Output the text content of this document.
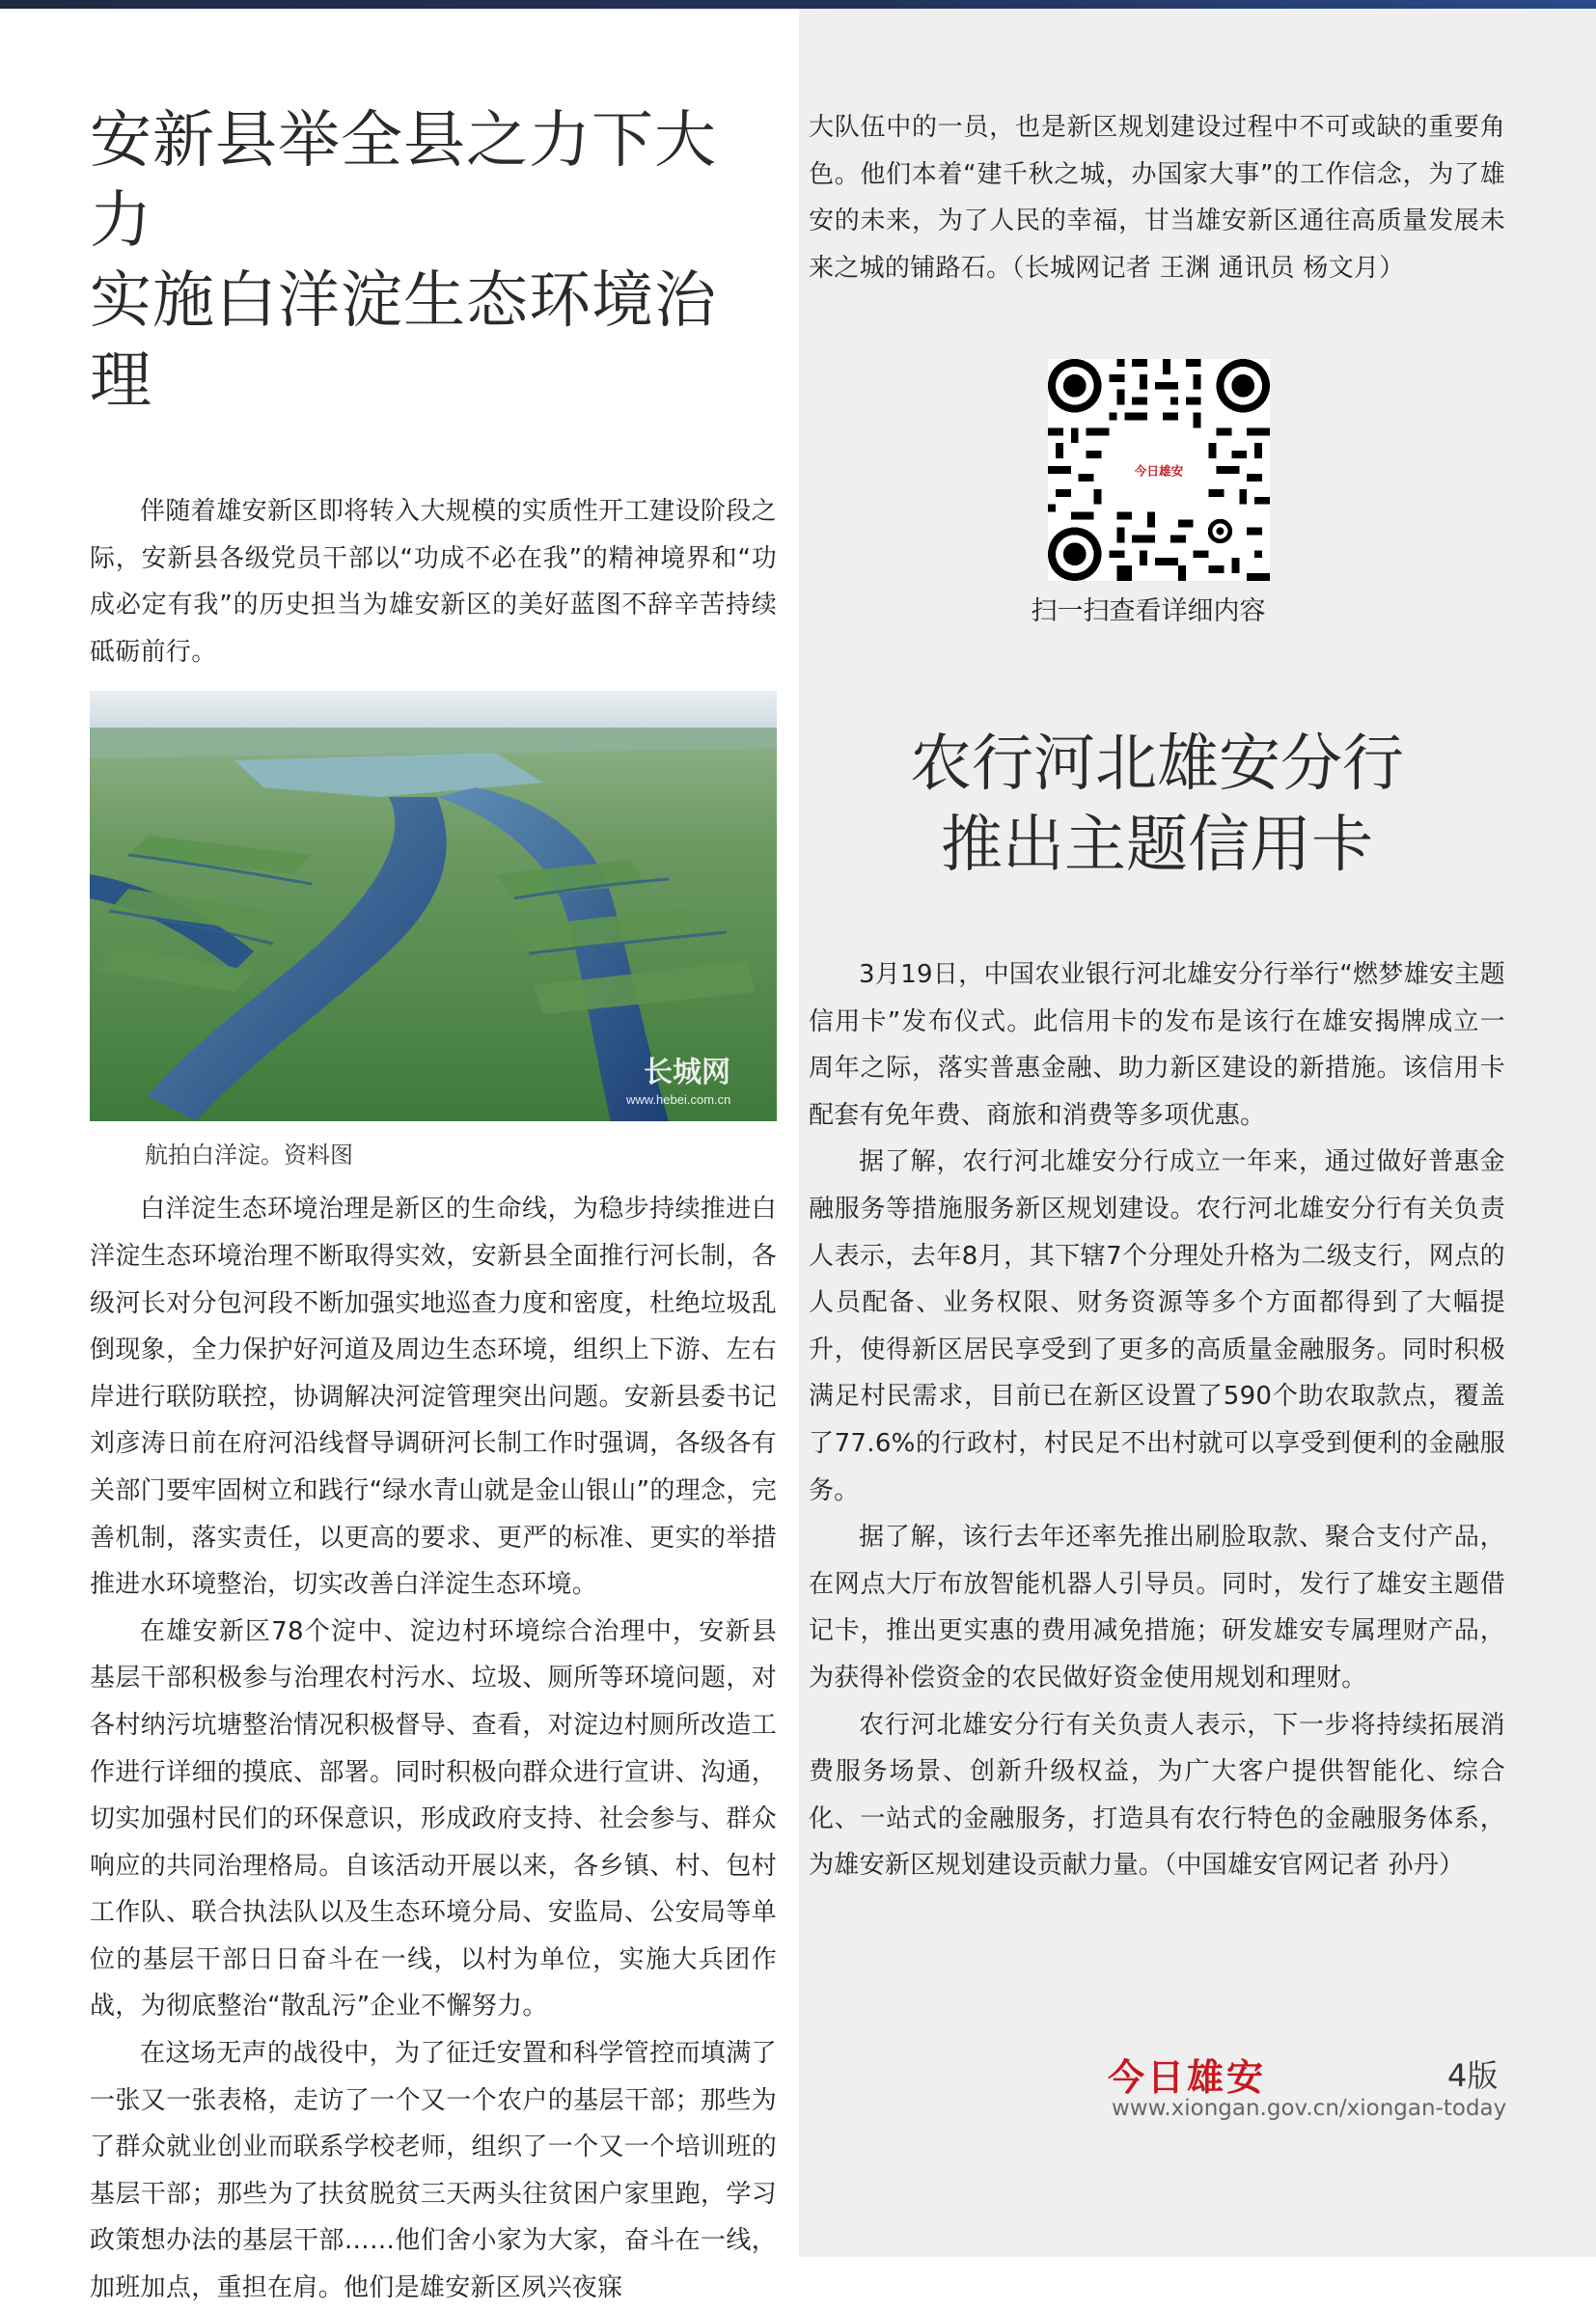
安新县举全县之力下大力
实施白洋淀生态环境治理

伴随着雄安新区即将转入大规模的实质性开工建设阶段之际，安新县各级党员干部以“功成不必在我”的精神境界和“功成必定有我”的历史担当为雄安新区的美好蓝图不辞辛苦持续砥砺前行。

长城网
www.hebei.com.cn
航拍白洋淀。资料图

白洋淀生态环境治理是新区的生命线，为稳步持续推进白洋淀生态环境治理不断取得实效，安新县全面推行河长制，各级河长对分包河段不断加强实地巡查力度和密度，杜绝垃圾乱倒现象，全力保护好河道及周边生态环境，组织上下游、左右岸进行联防联控，协调解决河淀管理突出问题。安新县委书记刘彦涛日前在府河沿线督导调研河长制工作时强调，各级各有关部门要牢固树立和践行“绿水青山就是金山银山”的理念，完善机制，落实责任，以更高的要求、更严的标准、更实的举措推进水环境整治，切实改善白洋淀生态环境。

在雄安新区78个淀中、淀边村环境综合治理中，安新县基层干部积极参与治理农村污水、垃圾、厕所等环境问题，对各村纳污坑塘整治情况积极督导、查看，对淀边村厕所改造工作进行详细的摸底、部署。同时积极向群众进行宣讲、沟通，切实加强村民们的环保意识，形成政府支持、社会参与、群众响应的共同治理格局。自该活动开展以来，各乡镇、村、包村工作队、联合执法队以及生态环境分局、安监局、公安局等单位的基层干部日日奋斗在一线，以村为单位，实施大兵团作战，为彻底整治“散乱污”企业不懈努力。

在这场无声的战役中，为了征迁安置和科学管控而填满了一张又一张表格，走访了一个又一个农户的基层干部；那些为了群众就业创业而联系学校老师，组织了一个又一个培训班的基层干部；那些为了扶贫脱贫三天两头往贫困户家里跑，学习政策想办法的基层干部……他们舍小家为大家，奋斗在一线，加班加点，重担在肩。他们是雄安新区夙兴夜寐

大队伍中的一员，也是新区规划建设过程中不可或缺的重要角色。他们本着“建千秋之城，办国家大事”的工作信念，为了雄安的未来，为了人民的幸福，甘当雄安新区通往高质量发展未来之城的铺路石。（长城网记者 王渊 通讯员 杨文月）

今日雄安
扫一扫查看详细内容
农行河北雄安分行
推出主题信用卡

3月19日，中国农业银行河北雄安分行举行“燃梦雄安主题信用卡”发布仪式。此信用卡的发布是该行在雄安揭牌成立一周年之际，落实普惠金融、助力新区建设的新措施。该信用卡配套有免年费、商旅和消费等多项优惠。

据了解，农行河北雄安分行成立一年来，通过做好普惠金融服务等措施服务新区规划建设。农行河北雄安分行有关负责人表示，去年8月，其下辖7个分理处升格为二级支行，网点的人员配备、业务权限、财务资源等多个方面都得到了大幅提升，使得新区居民享受到了更多的高质量金融服务。同时积极满足村民需求，目前已在新区设置了590个助农取款点，覆盖了77.6%的行政村，村民足不出村就可以享受到便利的金融服务。

据了解，该行去年还率先推出刷脸取款、聚合支付产品，在网点大厅布放智能机器人引导员。同时，发行了雄安主题借记卡，推出更实惠的费用减免措施；研发雄安专属理财产品，为获得补偿资金的农民做好资金使用规划和理财。

农行河北雄安分行有关负责人表示，下一步将持续拓展消费服务场景、创新升级权益，为广大客户提供智能化、综合化、一站式的金融服务，打造具有农行特色的金融服务体系，为雄安新区规划建设贡献力量。（中国雄安官网记者 孙丹）

今日雄安	4版
www.xiongan.gov.cn/xiongan-today
